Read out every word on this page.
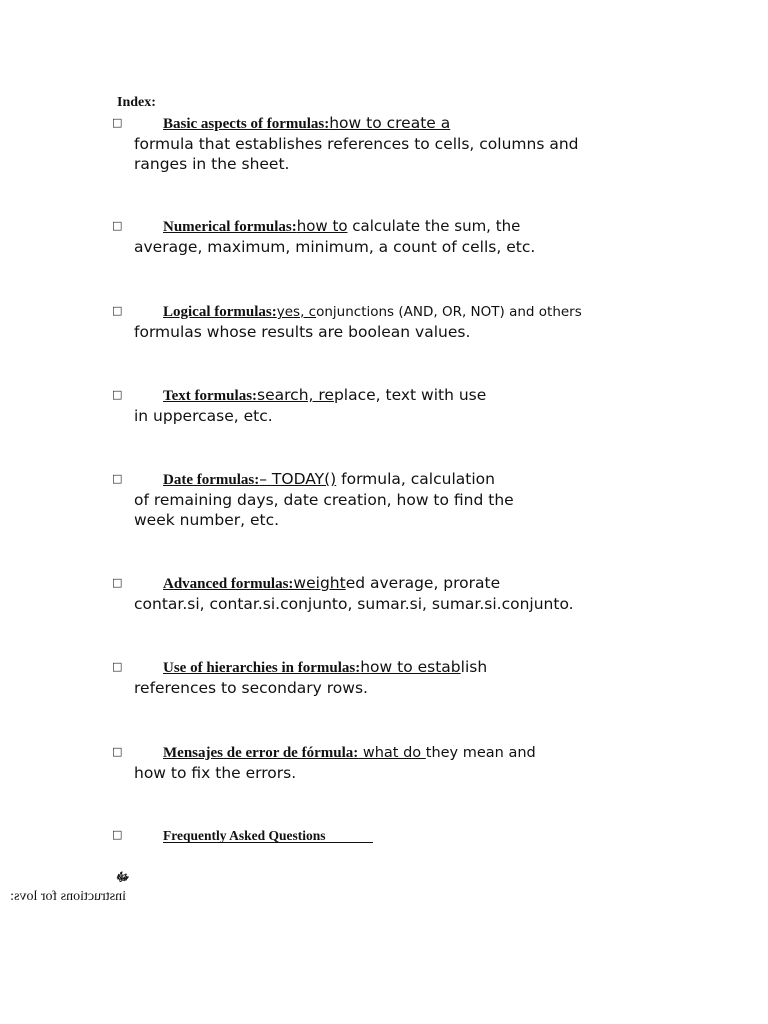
Index:
□	Basic aspects of formulas:how to create a
formula that establishes references to cells, columns and
ranges in the sheet.
□	Numerical formulas:how to calculate the sum, the
average, maximum, minimum, a count of cells, etc.
□	Logical formulas:yes, conjunctions (AND, OR, NOT) and others
formulas whose results are boolean values.
□	Text formulas:search, replace, text with use
in uppercase, etc.
□	Date formulas:– TODAY() formula, calculation
of remaining days, date creation, how to find the
week number, etc.
□	Advanced formulas:weighted average, prorate
contar.si, contar.si.conjunto, sumar.si, sumar.si.conjunto.
□	Use of hierarchies in formulas:how to establish
references to secondary rows.
□	Mensajes de error de fórmula: what do they mean and
how to fix the errors.
□	Frequently Asked Questions
ﷻ
instructions for lovs:
